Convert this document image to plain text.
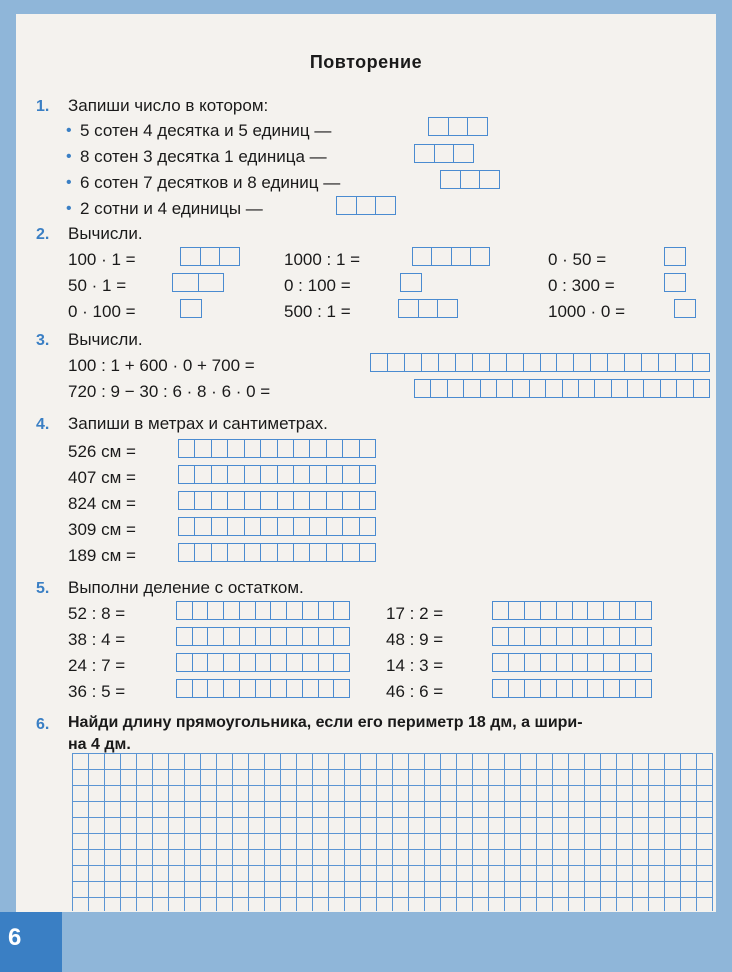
6
Повторение
1. Запиши число в котором:
• 5 сотен 4 десятка и 5 единиц —
• 8 сотен 3 десятка 1 единица —
• 6 сотен 7 десятков и 8 единиц —
• 2 сотни и 4 единицы —
2. Вычисли.
100 · 1 =
50 · 1 =
0 · 100 =
1000 : 1 =
0 : 100 =
500 : 1 =
0 · 50 =
0 : 300 =
1000 · 0 =
3. Вычисли.
100 : 1 + 600 · 0 + 700 =
720 : 9 − 30 : 6 · 8 · 6 · 0 =
4. Запиши в метрах и сантиметрах.
526 см =
407 см =
824 см =
309 см =
189 см =
5. Выполни деление с остатком.
52 : 8 =
38 : 4 =
24 : 7 =
36 : 5 =
17 : 2 =
48 : 9 =
14 : 3 =
46 : 6 =
6. Найди длину прямоугольника, если его периметр 18 дм, а шири-
на 4 дм.
